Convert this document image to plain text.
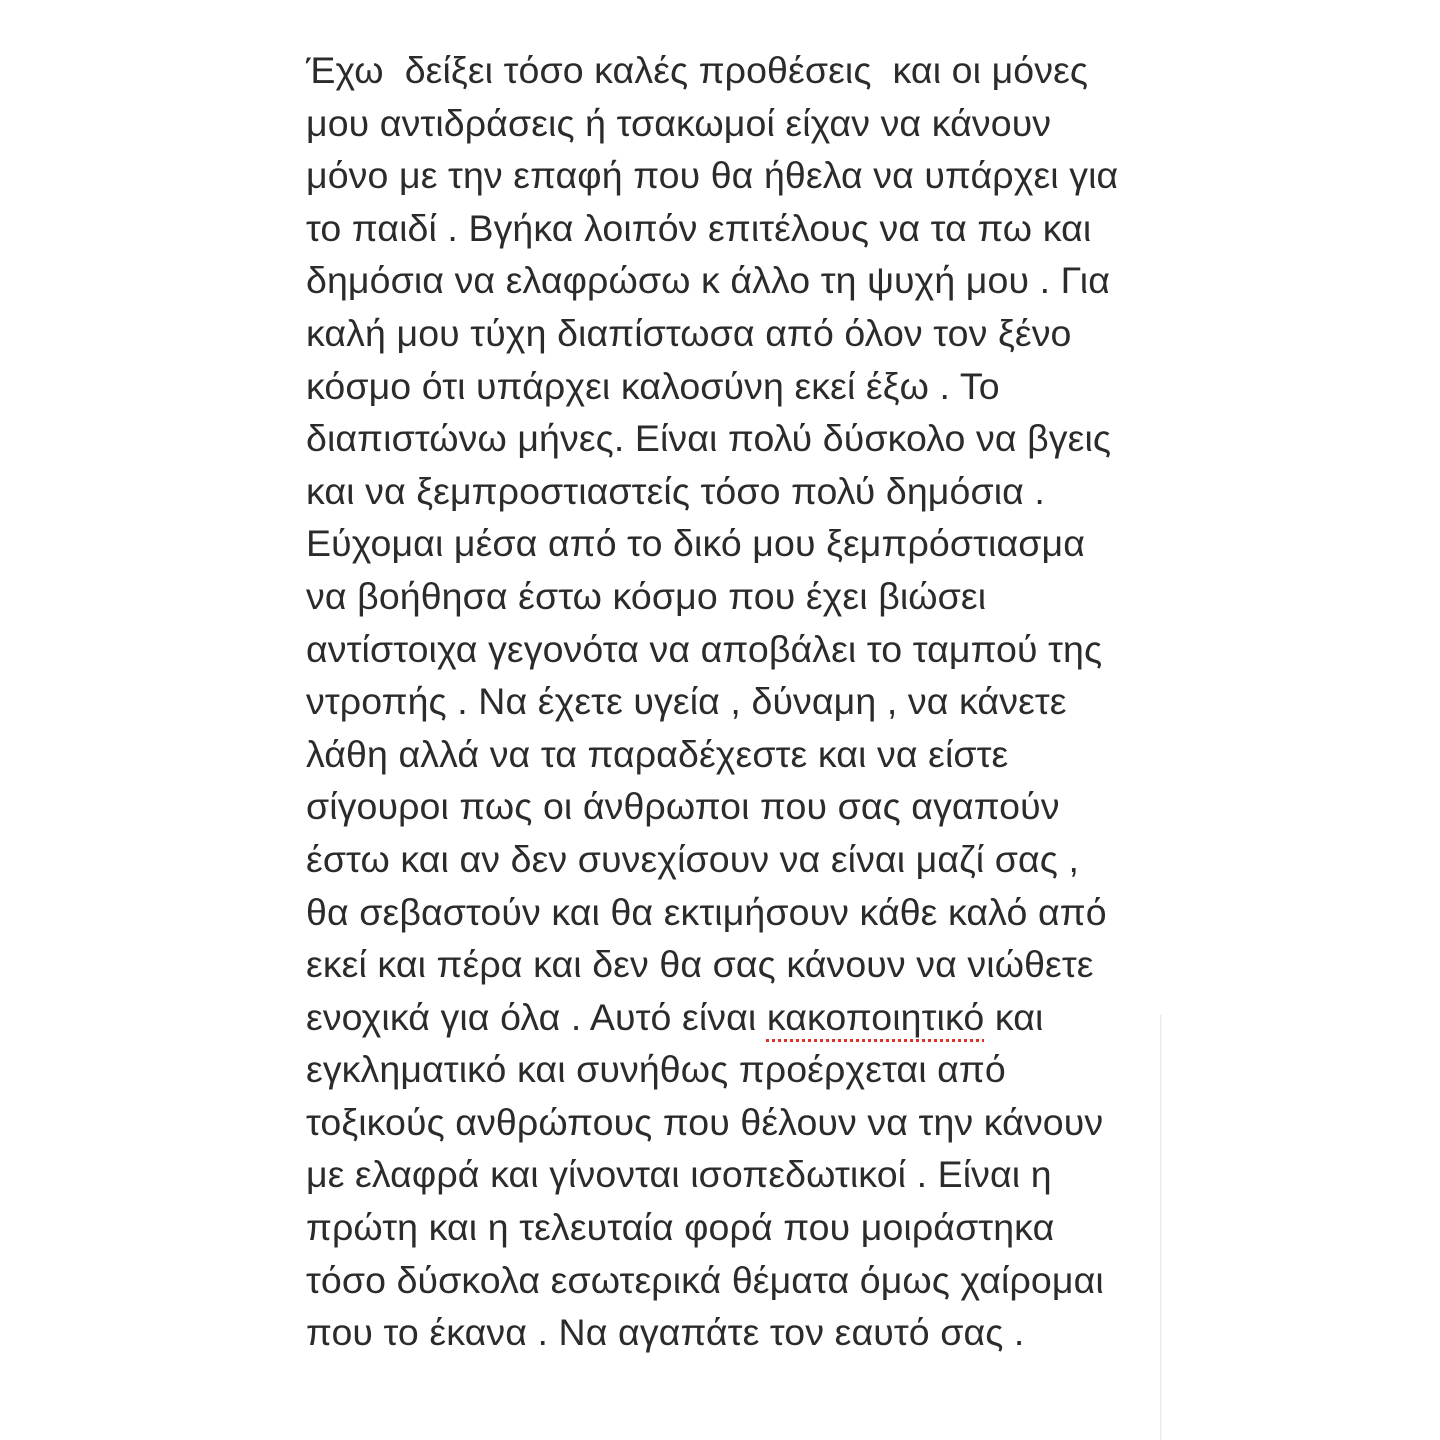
Έχω  δείξει τόσο καλές προθέσεις  και οι μόνες
μου αντιδράσεις ή τσακωμοί είχαν να κάνουν
μόνο με την επαφή που θα ήθελα να υπάρχει για
το παιδί . Βγήκα λοιπόν επιτέλους να τα πω και
δημόσια να ελαφρώσω κ άλλο τη ψυχή μου . Για
καλή μου τύχη διαπίστωσα από όλον τον ξένο
κόσμο ότι υπάρχει καλοσύνη εκεί έξω . Το
διαπιστώνω μήνες. Είναι πολύ δύσκολο να βγεις
και να ξεμπροστιαστείς τόσο πολύ δημόσια .
Εύχομαι μέσα από το δικό μου ξεμπρόστιασμα
να βοήθησα έστω κόσμο που έχει βιώσει
αντίστοιχα γεγονότα να αποβάλει το ταμπού της
ντροπής . Να έχετε υγεία , δύναμη , να κάνετε
λάθη αλλά να τα παραδέχεστε και να είστε
σίγουροι πως οι άνθρωποι που σας αγαπούν
έστω και αν δεν συνεχίσουν να είναι μαζί σας ,
θα σεβαστούν και θα εκτιμήσουν κάθε καλό από
εκεί και πέρα και δεν θα σας κάνουν να νιώθετε
ενοχικά για όλα . Αυτό είναι κακοποιητικό και
εγκληματικό και συνήθως προέρχεται από
τοξικούς ανθρώπους που θέλουν να την κάνουν
με ελαφρά και γίνονται ισοπεδωτικοί . Είναι η
πρώτη και η τελευταία φορά που μοιράστηκα
τόσο δύσκολα εσωτερικά θέματα όμως χαίρομαι
που το έκανα . Να αγαπάτε τον εαυτό σας .
